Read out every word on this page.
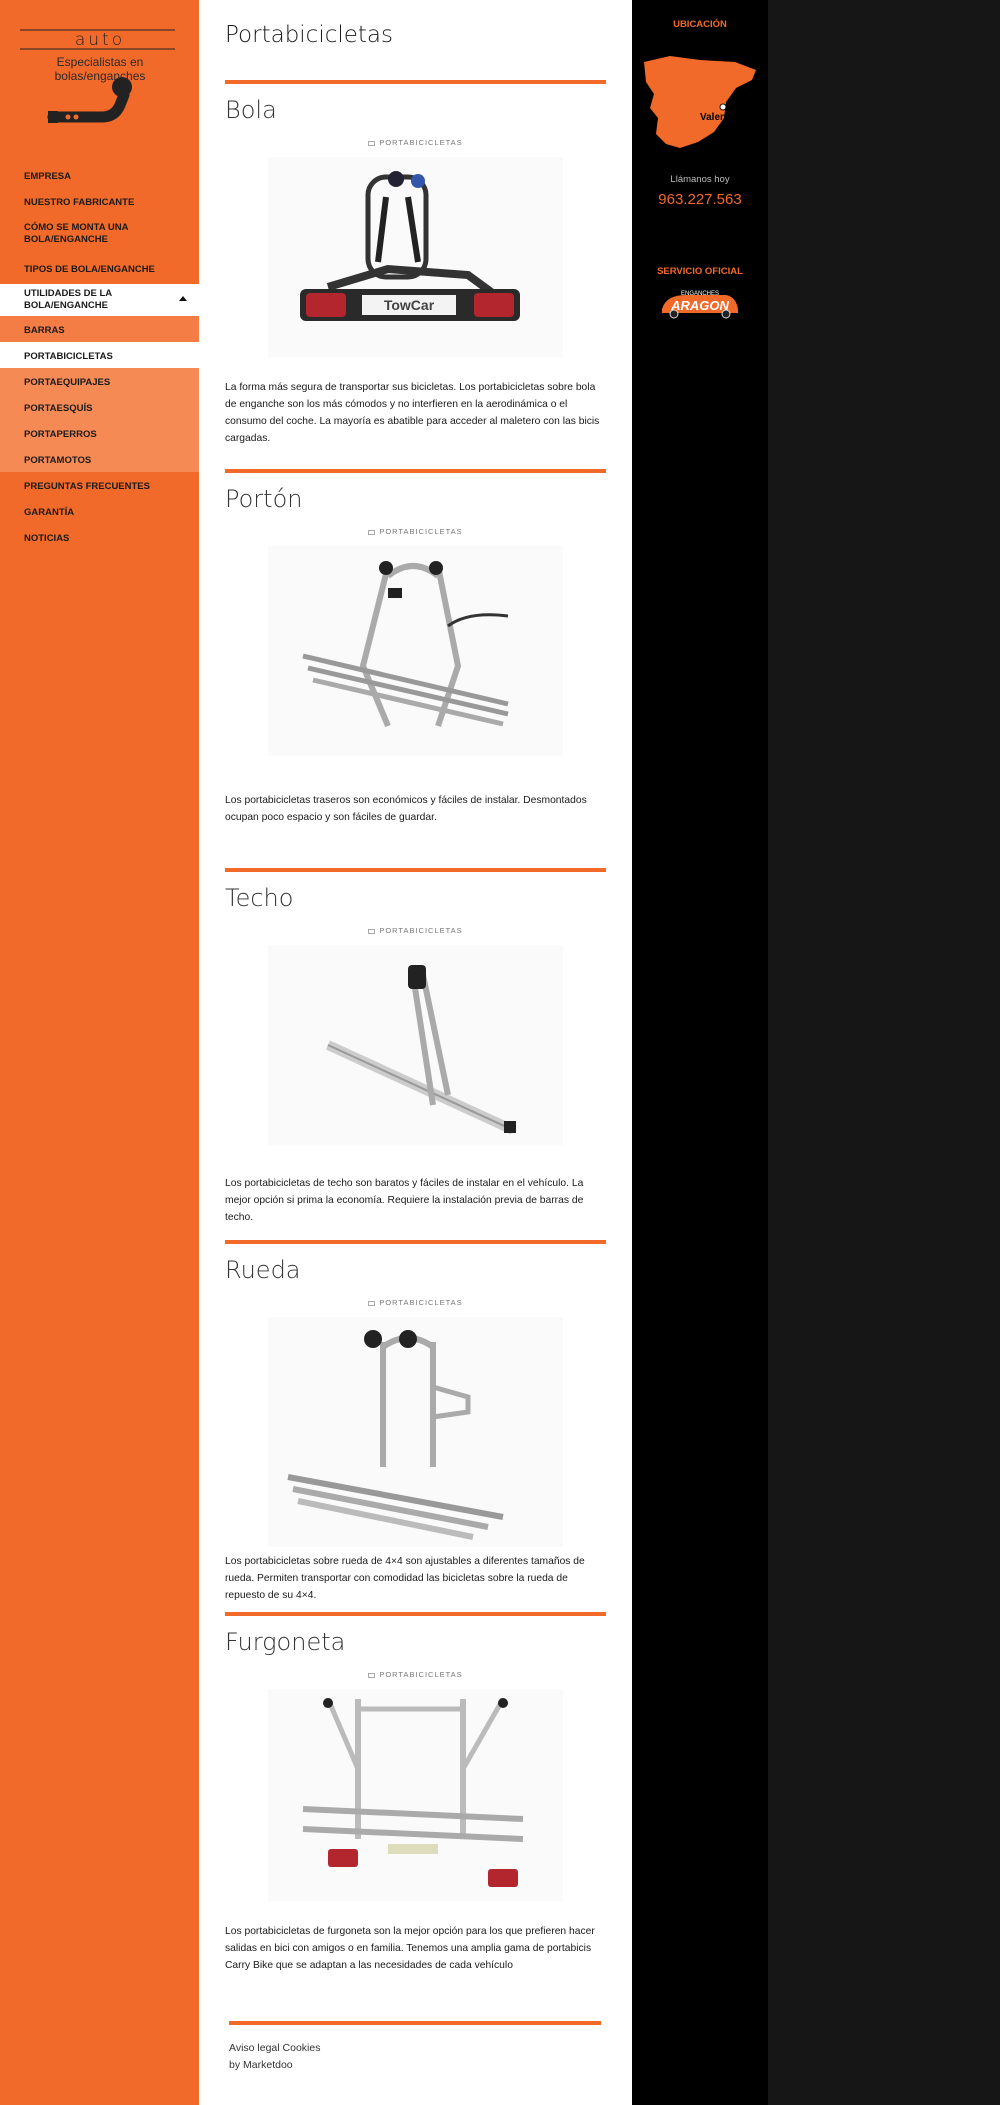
auto
Especialistas en
bolas/enganches
EMPRESA
NUESTRO FABRICANTE
CÓMO SE MONTA UNA BOLA/ENGANCHE
TIPOS DE BOLA/ENGANCHE
UTILIDADES DE LA BOLA/ENGANCHE
BARRAS
PORTABICICLETAS
PORTAEQUIPAJES
PORTAESQUÍS
PORTAPERROS
PORTAMOTOS
PREGUNTAS FRECUENTES
GARANTÍA
NOTICIAS
Portabicicletas
Bola
PORTABICICLETAS
TowCar

La forma más segura de transportar sus bicicletas. Los portabicicletas sobre bola de enganche son los más cómodos y no interfieren en la aerodinámica o el consumo del coche. La mayoría es abatible para acceder al maletero con las bicis cargadas.

Portón
PORTABICICLETAS

Los portabicicletas traseros son económicos y fáciles de instalar. Desmontados ocupan poco espacio y son fáciles de guardar.

Techo
PORTABICICLETAS

Los portabicicletas de techo son baratos y fáciles de instalar en el vehículo. La mejor opción si prima la economía. Requiere la instalación previa de barras de techo.

Rueda
PORTABICICLETAS

Los portabicicletas sobre rueda de 4×4 son ajustables a diferentes tamaños de rueda. Permiten transportar con comodidad las bicicletas sobre la rueda de repuesto de su 4×4.

Furgoneta
PORTABICICLETAS

Los portabicicletas de furgoneta son la mejor opción para los que prefieren hacer salidas en bici con amigos o en familia. Tenemos una amplia gama de portabicis Carry Bike que se adaptan a las necesidades de cada vehículo

Aviso legal Cookies
by Marketdoo
UBICACIÓN
Valencia
Llámanos hoy
963.227.563
SERVICIO OFICIAL
ENGANCHES
ARAGON
